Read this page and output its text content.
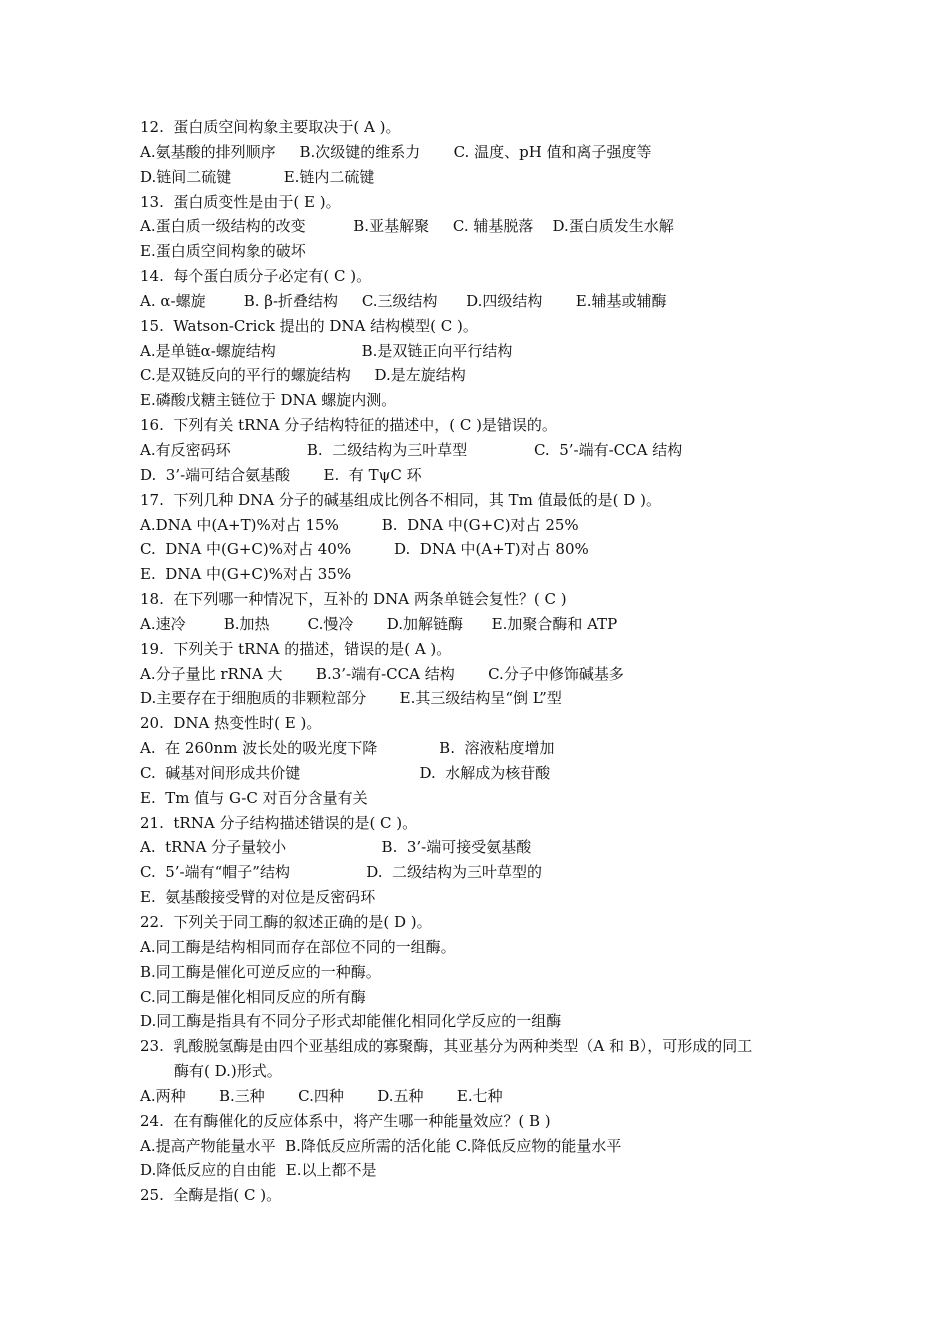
12.  蛋白质空间构象主要取决于( A )。
A.氨基酸的排列顺序     B.次级键的维系力       C. 温度、pH 值和离子强度等
D.链间二硫键           E.链内二硫键
13.  蛋白质变性是由于( E )。
A.蛋白质一级结构的改变          B.亚基解聚     C. 辅基脱落    D.蛋白质发生水解
E.蛋白质空间构象的破坏
14.  每个蛋白质分子必定有( C )。
A. α-螺旋        B. β-折叠结构     C.三级结构      D.四级结构       E.辅基或辅酶
15.  Watson-Crick 提出的 DNA 结构模型( C )。
A.是单链α-螺旋结构                  B.是双链正向平行结构
C.是双链反向的平行的螺旋结构     D.是左旋结构
E.磷酸戊糖主链位于 DNA 螺旋内测。
16.  下列有关 tRNA 分子结构特征的描述中，( C )是错误的。
A.有反密码环                B.  二级结构为三叶草型              C.  5’-端有-CCA 结构
D.  3’-端可结合氨基酸       E.  有 TψC 环
17.  下列几种 DNA 分子的碱基组成比例各不相同，其 Tm 值最低的是( D )。
A.DNA 中(A+T)%对占 15%         B.  DNA 中(G+C)对占 25%
C.  DNA 中(G+C)%对占 40%         D.  DNA 中(A+T)对占 80%
E.  DNA 中(G+C)%对占 35%
18.  在下列哪一种情况下，互补的 DNA 两条单链会复性？( C )
A.速冷        B.加热        C.慢冷       D.加解链酶      E.加聚合酶和 ATP
19.  下列关于 tRNA 的描述，错误的是( A )。
A.分子量比 rRNA 大       B.3’-端有-CCA 结构       C.分子中修饰碱基多
D.主要存在于细胞质的非颗粒部分       E.其三级结构呈“倒 L”型
20.  DNA 热变性时( E )。
A.  在 260nm 波长处的吸光度下降             B.  溶液粘度增加
C.  碱基对间形成共价键                         D.  水解成为核苷酸
E.  Tm 值与 G-C 对百分含量有关
21.  tRNA 分子结构描述错误的是( C )。
A.  tRNA 分子量较小                    B.  3’-端可接受氨基酸
C.  5’-端有“帽子”结构                D.  二级结构为三叶草型的
E.  氨基酸接受臂的对位是反密码环
22.  下列关于同工酶的叙述正确的是( D )。
A.同工酶是结构相同而存在部位不同的一组酶。
B.同工酶是催化可逆反应的一种酶。
C.同工酶是催化相同反应的所有酶
D.同工酶是指具有不同分子形式却能催化相同化学反应的一组酶
23.  乳酸脱氢酶是由四个亚基组成的寡聚酶，其亚基分为两种类型（A 和 B），可形成的同工
酶有( D.)形式。
A.两种       B.三种       C.四种       D.五种       E.七种
24.  在有酶催化的反应体系中，将产生哪一种能量效应？( B )
A.提高产物能量水平  B.降低反应所需的活化能 C.降低反应物的能量水平
D.降低反应的自由能  E.以上都不是
25.  全酶是指( C )。
